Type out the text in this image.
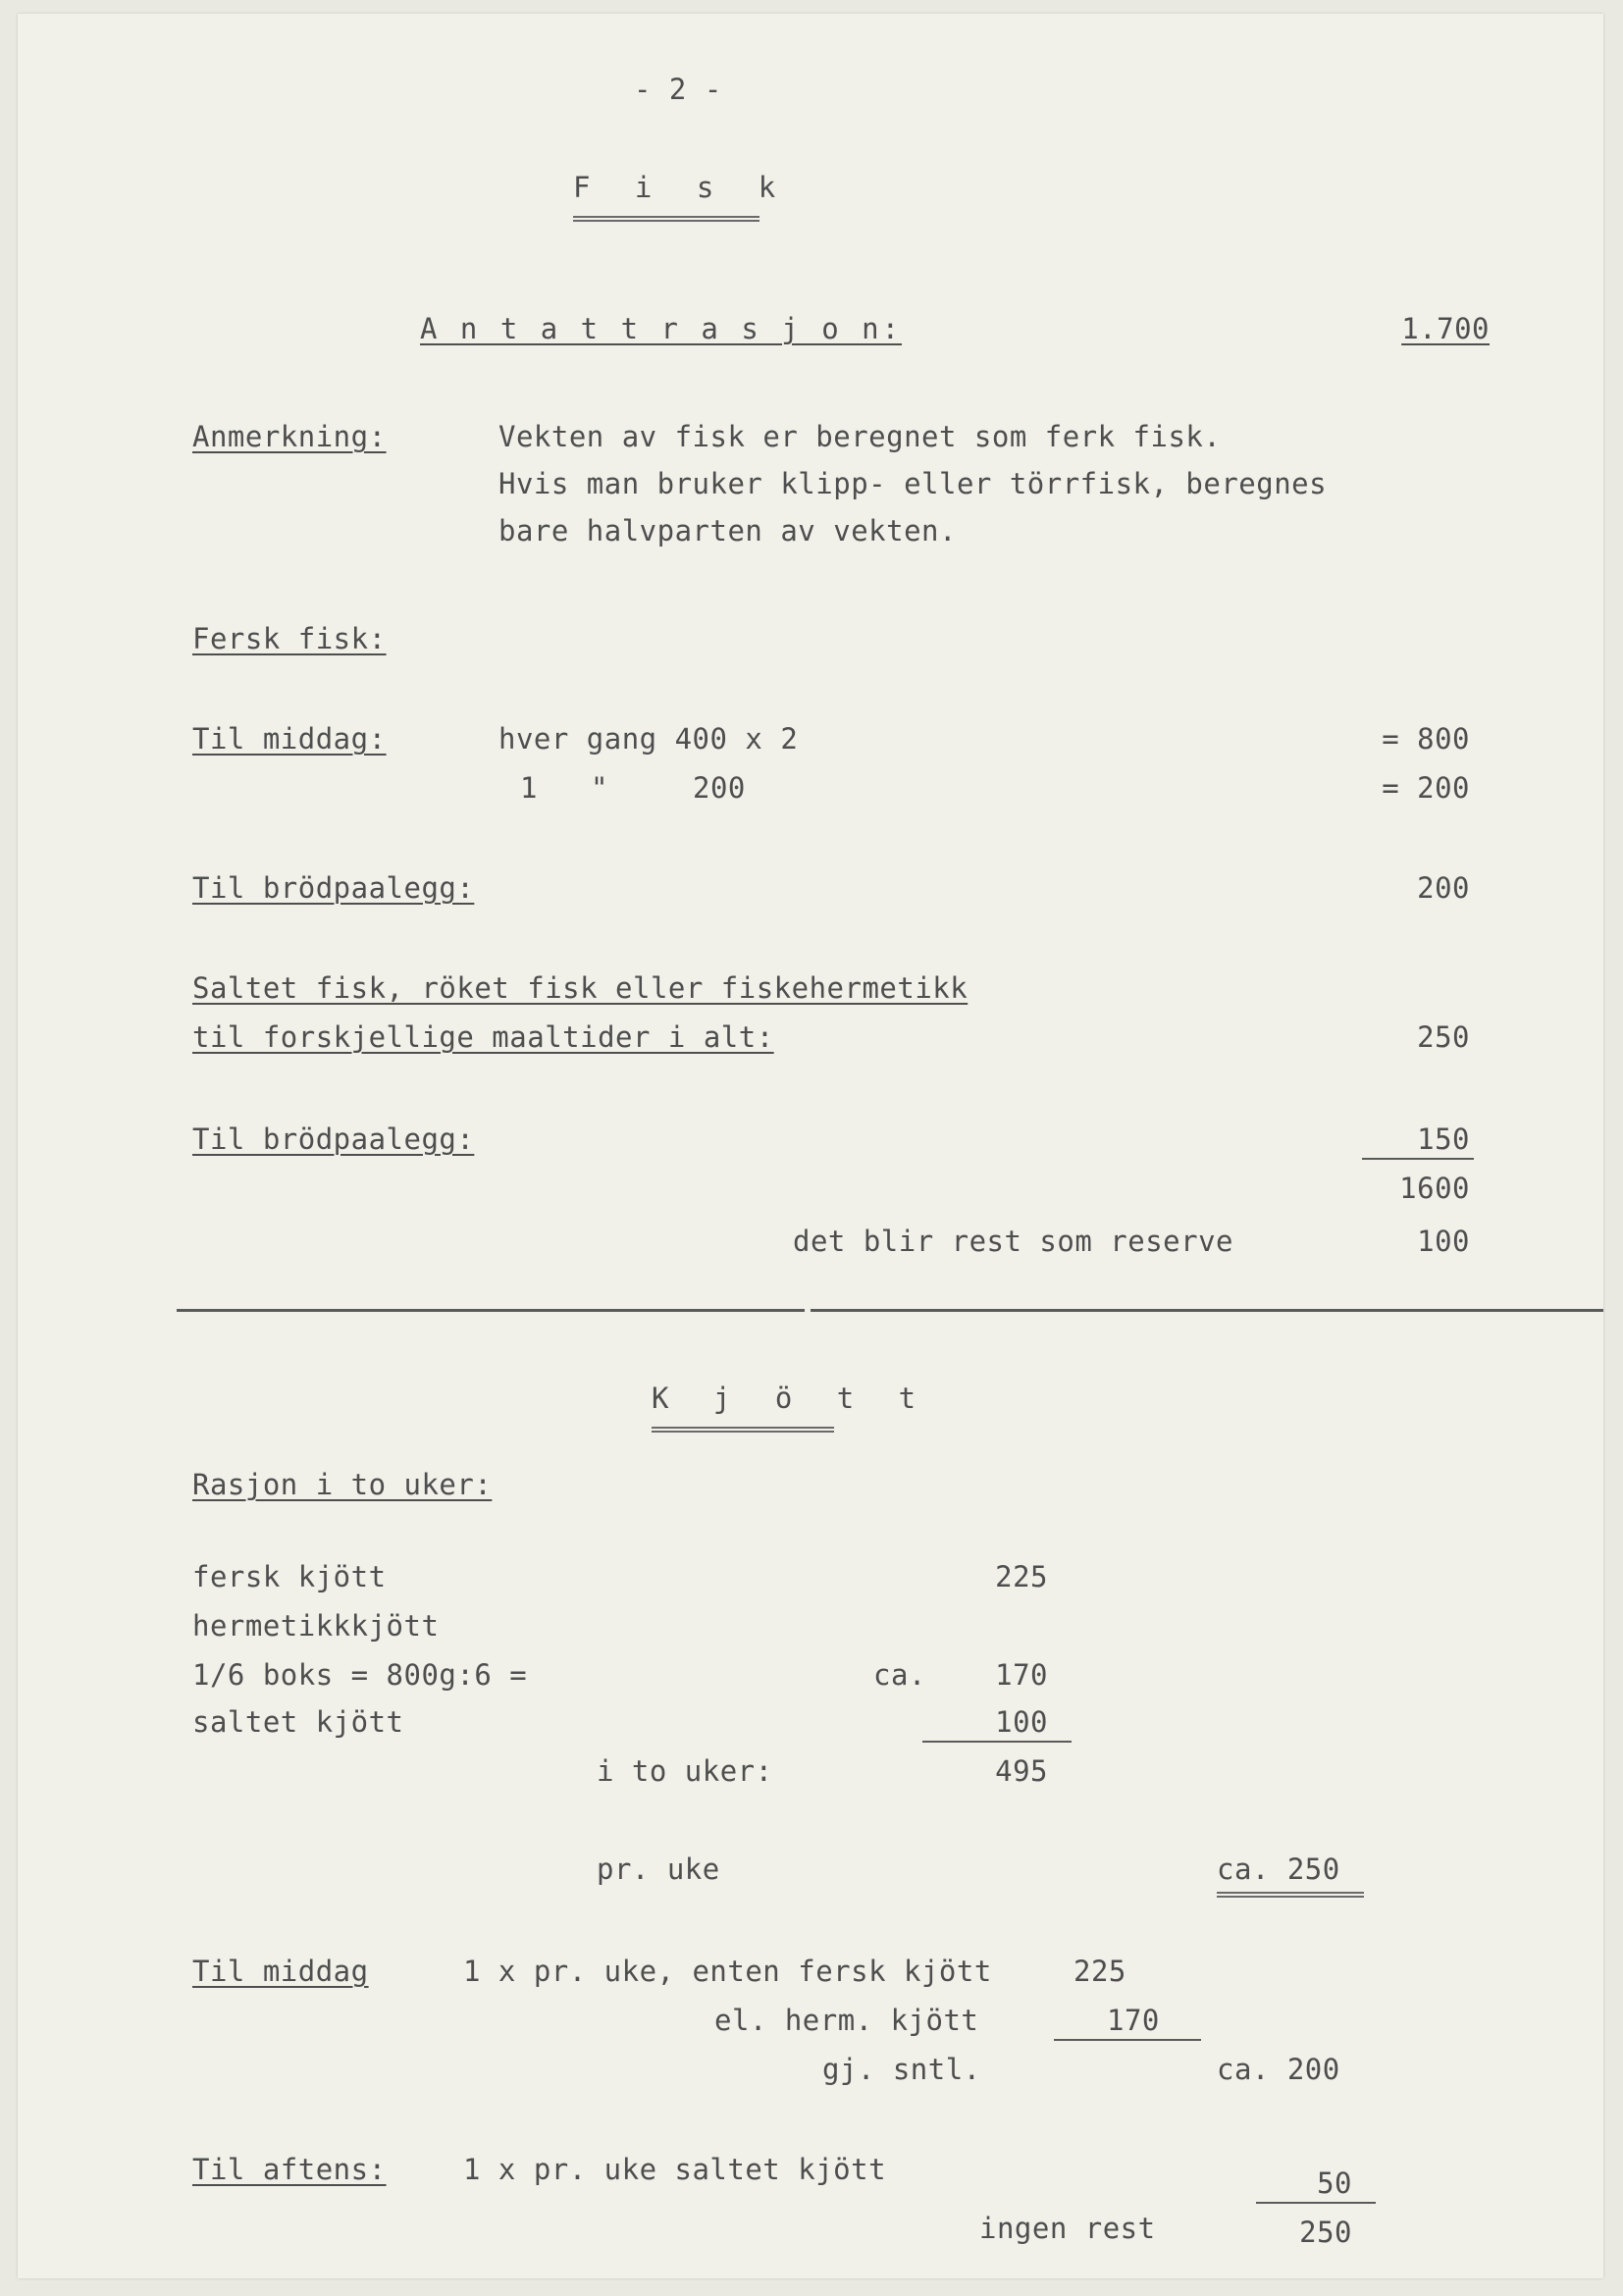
- 2 -
F i s k
A n t a t t r a s j o n:	1.700
Anmerkning:	Vekten av fisk er beregnet som ferk fisk.
Hvis man bruker klipp- eller törrfisk, beregnes
bare halvparten av vekten.
Fersk fisk:
Til middag:	hver gang 400 x 2	= 800
1 "	200	= 200
Til brödpaalegg:	200
Saltet fisk, röket fisk eller fiskehermetikk
til forskjellige maaltider i alt:	250
Til brödpaalegg:	150
1600
det blir rest som reserve	100
K j ö t t
Rasjon i to uker:
fersk kjött	225
hermetikkkjött
1/6 boks = 800g:6 =	ca.	170
saltet kjött	100
i to uker:	495
pr. uke	ca. 250
Til middag	1 x pr. uke, enten fersk kjött	225
el. herm. kjött	170
gj. sntl.	ca. 200
Til aftens:	1 x pr. uke saltet kjött	50
ingen rest	250
